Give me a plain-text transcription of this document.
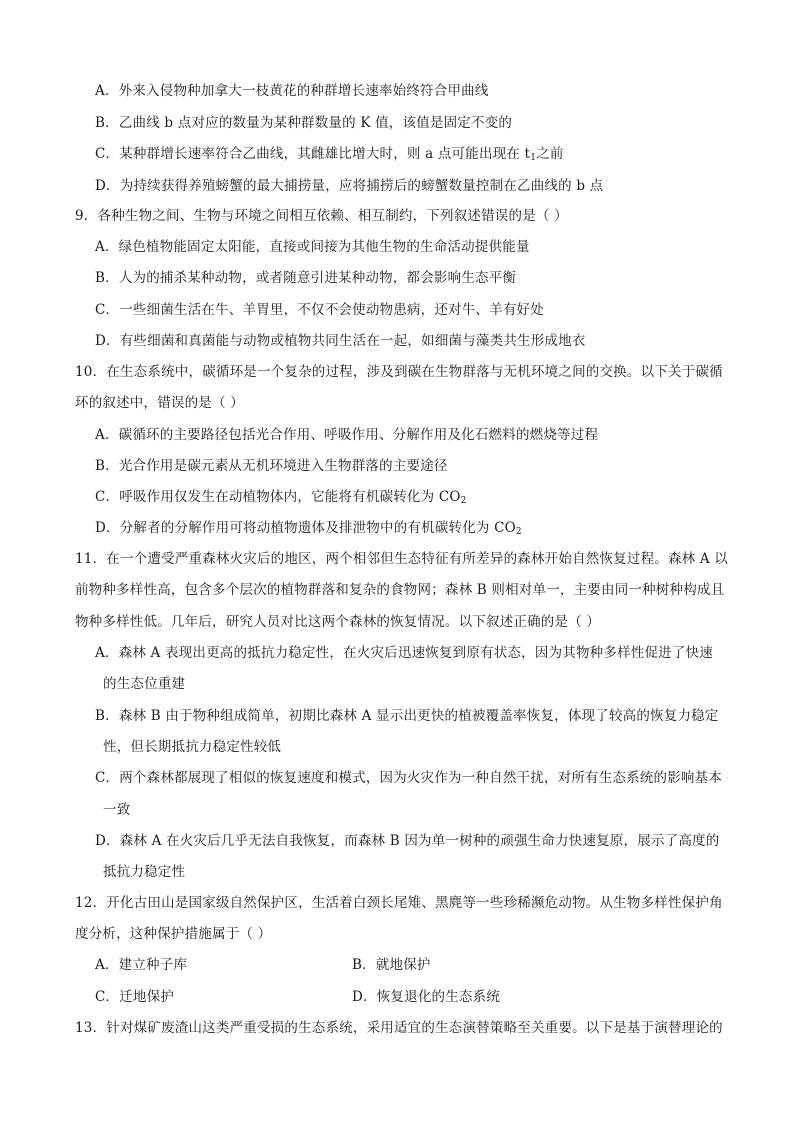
A．外来入侵物种加拿大一枝黄花的种群增长速率始终符合甲曲线
B．乙曲线 b 点对应的数量为某种群数量的 K 值，该值是固定不变的
C．某种群增长速率符合乙曲线，其雌雄比增大时，则 a 点可能出现在 $t_1$之前
D．为持续获得养殖螃蟹的最大捕捞量，应将捕捞后的螃蟹数量控制在乙曲线的 b 点
9．各种生物之间、生物与环境之间相互依赖、相互制约，下列叙述错误的是（ ）
A．绿色植物能固定太阳能，直接或间接为其他生物的生命活动提供能量
B．人为的捕杀某种动物，或者随意引进某种动物，都会影响生态平衡
C．一些细菌生活在牛、羊胃里，不仅不会使动物患病，还对牛、羊有好处
D．有些细菌和真菌能与动物或植物共同生活在一起，如细菌与藻类共生形成地衣
10．在生态系统中，碳循环是一个复杂的过程，涉及到碳在生物群落与无机环境之间的交换。以下关于碳循
环的叙述中，错误的是（ ）
A．碳循环的主要路径包括光合作用、呼吸作用、分解作用及化石燃料的燃烧等过程
B．光合作用是碳元素从无机环境进入生物群落的主要途径
C．呼吸作用仅发生在动植物体内，它能将有机碳转化为 $CO_2$
D．分解者的分解作用可将动植物遗体及排泄物中的有机碳转化为 $CO_2$
11．在一个遭受严重森林火灾后的地区，两个相邻但生态特征有所差异的森林开始自然恢复过程。森林 A 以
前物种多样性高，包含多个层次的植物群落和复杂的食物网；森林 B 则相对单一，主要由同一种树种构成且
物种多样性低。几年后，研究人员对比这两个森林的恢复情况。以下叙述正确的是（ ）
A．森林 A 表现出更高的抵抗力稳定性，在火灾后迅速恢复到原有状态，因为其物种多样性促进了快速
的生态位重建
B．森林 B 由于物种组成简单，初期比森林 A 显示出更快的植被覆盖率恢复，体现了较高的恢复力稳定
性，但长期抵抗力稳定性较低
C．两个森林都展现了相似的恢复速度和模式，因为火灾作为一种自然干扰，对所有生态系统的影响基本
一致
D．森林 A 在火灾后几乎无法自我恢复，而森林 B 因为单一树种的顽强生命力快速复原，展示了高度的
抵抗力稳定性
12．开化古田山是国家级自然保护区，生活着白颈长尾雉、黑麂等一些珍稀濒危动物。从生物多样性保护角
度分析，这种保护措施属于（ ）
A．建立种子库	B．就地保护
C．迁地保护	D．恢复退化的生态系统
13．针对煤矿废渣山这类严重受损的生态系统，采用适宜的生态演替策略至关重要。以下是基于演替理论的
